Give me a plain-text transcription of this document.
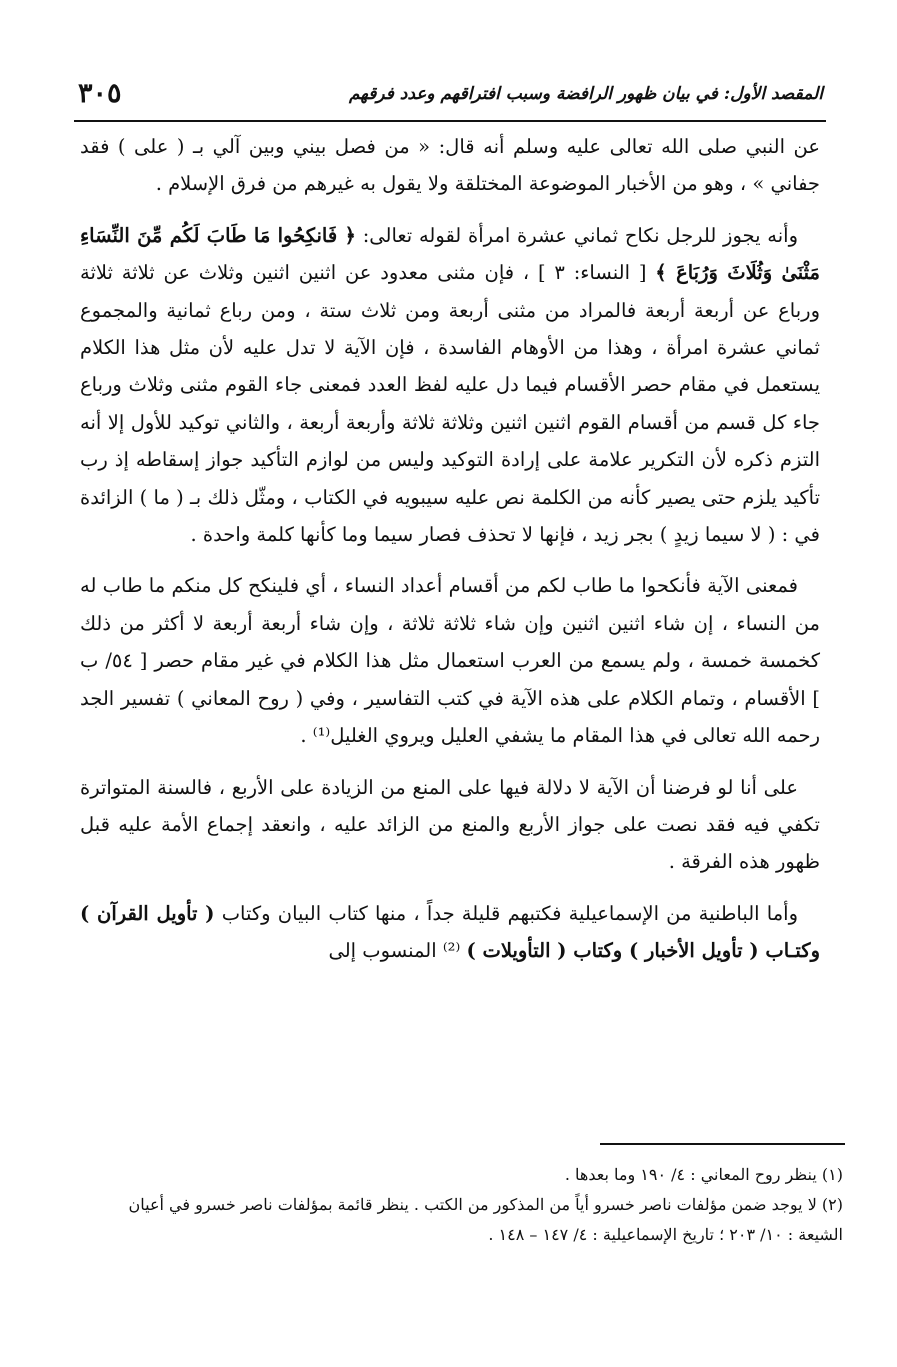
المقصد الأول: في بيان ظهور الرافضة وسبب افتراقهم وعدد فرقهم
٣٠٥

عن النبي صلى الله تعالى عليه وسلم أنه قال: « من فصل بيني وبين آلي بـ ( على ) فقد جفاني » ، وهو من الأخبار الموضوعة المختلقة ولا يقول به غيرهم من فرق الإسلام .

وأنه يجوز للرجل نكاح ثماني عشرة امرأة لقوله تعالى: ﴿ فَانكِحُوا مَا طَابَ لَكُم مِّنَ النِّسَاءِ مَثْنَىٰ وَثُلَاثَ وَرُبَاعَ ﴾ [ النساء: ٣ ] ، فإن مثنى معدود عن اثنين اثنين وثلاث عن ثلاثة ثلاثة ورباع عن أربعة أربعة فالمراد من مثنى أربعة ومن ثلاث ستة ، ومن رباع ثمانية والمجموع ثماني عشرة امرأة ، وهذا من الأوهام الفاسدة ، فإن الآية لا تدل عليه لأن مثل هذا الكلام يستعمل في مقام حصر الأقسام فيما دل عليه لفظ العدد فمعنى جاء القوم مثنى وثلاث ورباع جاء كل قسم من أقسام القوم اثنين اثنين وثلاثة ثلاثة وأربعة أربعة ، والثاني توكيد للأول إلا أنه التزم ذكره لأن التكرير علامة على إرادة التوكيد وليس من لوازم التأكيد جواز إسقاطه إذ رب تأكيد يلزم حتى يصير كأنه من الكلمة نص عليه سيبويه في الكتاب ، ومثّل ذلك بـ ( ما ) الزائدة في : ( لا سيما زيدٍ ) بجر زيد ، فإنها لا تحذف فصار سيما وما كأنها كلمة واحدة .

فمعنى الآية فأنكحوا ما طاب لكم من أقسام أعداد النساء ، أي فلينكح كل منكم ما طاب له من النساء ، إن شاء اثنين اثنين وإن شاء ثلاثة ثلاثة ، وإن شاء أربعة أربعة لا أكثر من ذلك كخمسة خمسة ، ولم يسمع من العرب استعمال مثل هذا الكلام في غير مقام حصر [ ٥٤/ ب ] الأقسام ، وتمام الكلام على هذه الآية في كتب التفاسير ، وفي ( روح المعاني ) تفسير الجد رحمه الله تعالى في هذا المقام ما يشفي العليل ويروي الغليل⁽¹⁾ .

على أنا لو فرضنا أن الآية لا دلالة فيها على المنع من الزيادة على الأربع ، فالسنة المتواترة تكفي فيه فقد نصت على جواز الأربع والمنع من الزائد عليه ، وانعقد إجماع الأمة عليه قبل ظهور هذه الفرقة .

وأما الباطنية من الإسماعيلية فكتبهم قليلة جداً ، منها كتاب البيان وكتاب ( تأويل القرآن ) وكتـاب ( تأويل الأخبار ) وكتاب ( التأويلات ) ⁽²⁾ المنسوب إلى

(١) ينظر روح المعاني : ٤/ ١٩٠ وما بعدها .

(٢) لا يوجد ضمن مؤلفات ناصر خسرو أياً من المذكور من الكتب . ينظر قائمة بمؤلفات ناصر خسرو في أعيان الشيعة : ١٠/ ٢٠٣ ؛ تاريخ الإسماعيلية : ٤/ ١٤٧ – ١٤٨ .
